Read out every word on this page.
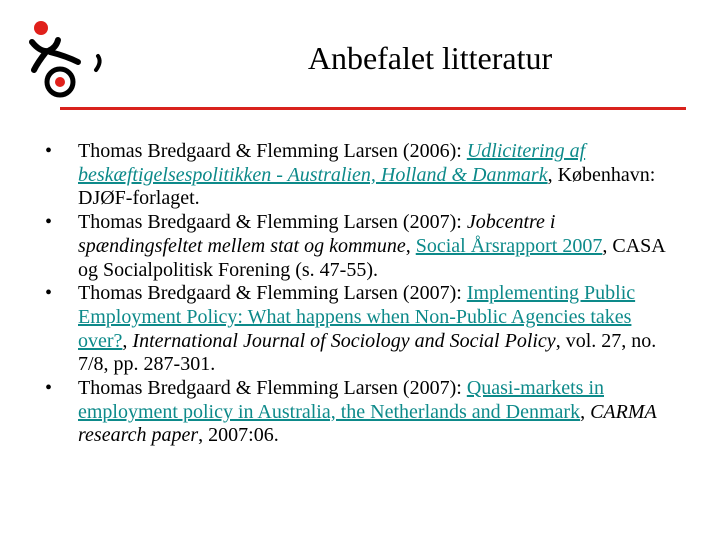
Anbefalet litteratur
• Thomas Bredgaard & Flemming Larsen (2006): Udlicitering af beskæftigelsespolitikken - Australien, Holland & Danmark, København: DJØF-forlaget.
• Thomas Bredgaard & Flemming Larsen (2007): Jobcentre i spændingsfeltet mellem stat og kommune, Social Årsrapport 2007, CASA og Socialpolitisk Forening (s. 47-55).
• Thomas Bredgaard & Flemming Larsen (2007): Implementing Public Employment Policy: What happens when Non-Public Agencies takes over?, International Journal of Sociology and Social Policy, vol. 27, no. 7/8, pp. 287-301.
• Thomas Bredgaard & Flemming Larsen (2007): Quasi-markets in employment policy in Australia, the Netherlands and Denmark, CARMA research paper, 2007:06.
